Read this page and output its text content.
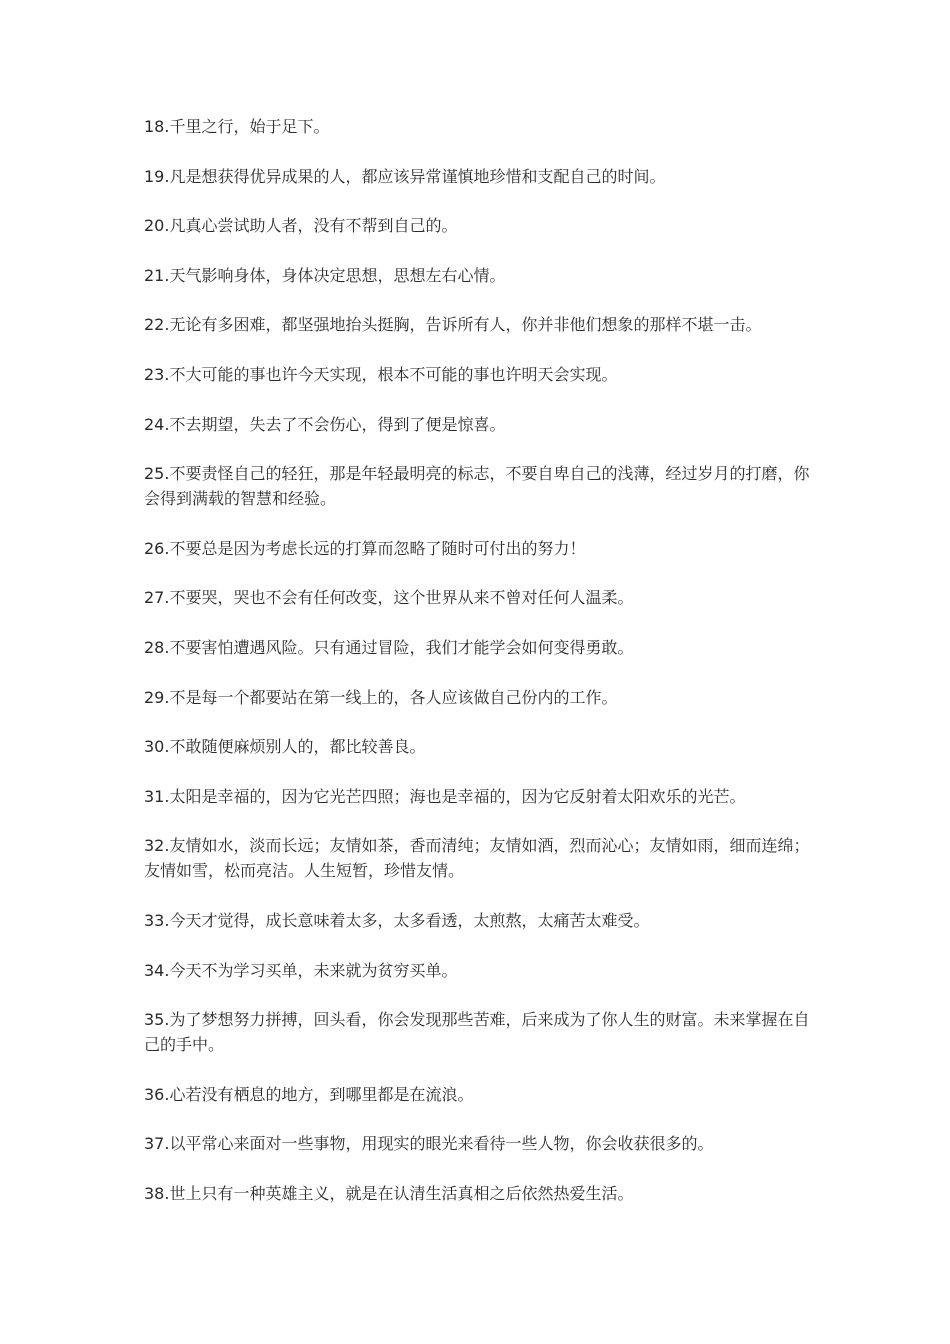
18.千里之行，始于足下。

19.凡是想获得优异成果的人，都应该异常谨慎地珍惜和支配自己的时间。

20.凡真心尝试助人者，没有不帮到自己的。

21.天气影响身体，身体决定思想，思想左右心情。

22.无论有多困难，都坚强地抬头挺胸，告诉所有人，你并非他们想象的那样不堪一击。

23.不大可能的事也许今天实现，根本不可能的事也许明天会实现。

24.不去期望，失去了不会伤心，得到了便是惊喜。

25.不要责怪自己的轻狂，那是年轻最明亮的标志，不要自卑自己的浅薄，经过岁月的打磨，你会得到满载的智慧和经验。

26.不要总是因为考虑长远的打算而忽略了随时可付出的努力！

27.不要哭，哭也不会有任何改变，这个世界从来不曾对任何人温柔。

28.不要害怕遭遇风险。只有通过冒险，我们才能学会如何变得勇敢。

29.不是每一个都要站在第一线上的，各人应该做自己份内的工作。

30.不敢随便麻烦别人的，都比较善良。

31.太阳是幸福的，因为它光芒四照；海也是幸福的，因为它反射着太阳欢乐的光芒。

32.友情如水，淡而长远；友情如茶，香而清纯；友情如酒，烈而沁心；友情如雨，细而连绵；友情如雪，松而亮洁。人生短暂，珍惜友情。

33.今天才觉得，成长意味着太多，太多看透，太煎熬，太痛苦太难受。

34.今天不为学习买单，未来就为贫穷买单。

35.为了梦想努力拼搏，回头看，你会发现那些苦难，后来成为了你人生的财富。未来掌握在自己的手中。

36.心若没有栖息的地方，到哪里都是在流浪。

37.以平常心来面对一些事物，用现实的眼光来看待一些人物，你会收获很多的。

38.世上只有一种英雄主义，就是在认清生活真相之后依然热爱生活。
